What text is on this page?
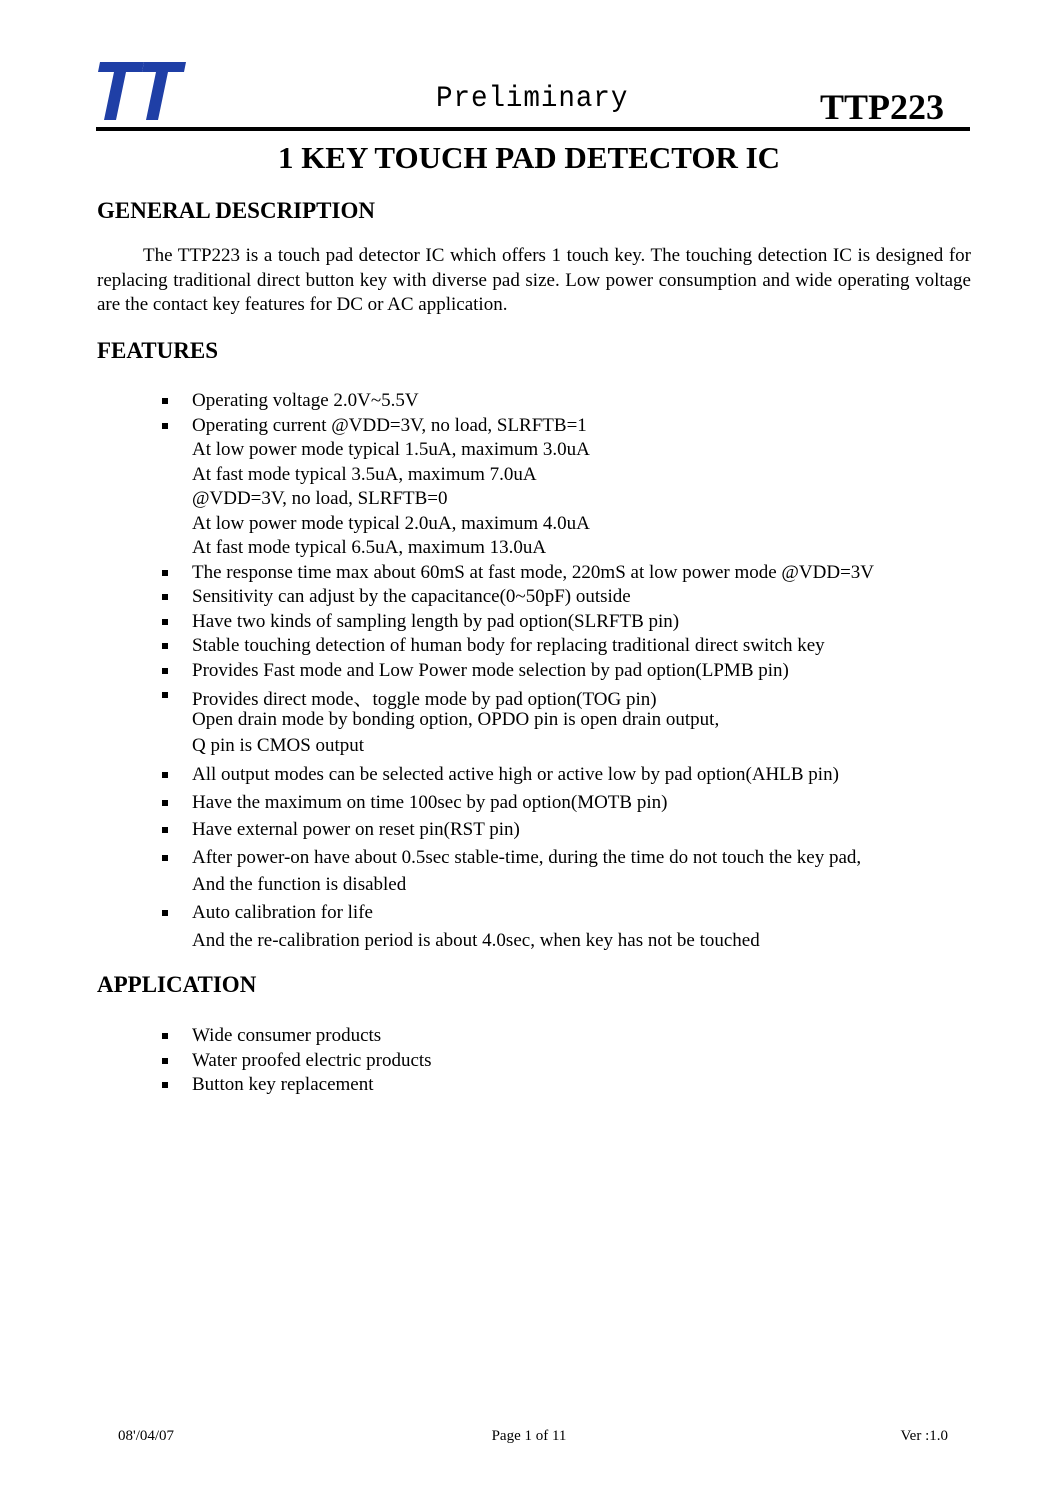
Preliminary	TTP223
1 KEY TOUCH PAD DETECTOR IC
GENERAL DESCRIPTION

The TTP223 is a touch pad detector IC which offers 1 touch key. The touching detection IC is designed for replacing traditional direct button key with diverse pad size. Low power consumption and wide operating voltage are the contact key features for DC or AC application.

FEATURES
Operating voltage 2.0V~5.5V
Operating current @VDD=3V, no load, SLRFTB=1
At low power mode typical 1.5uA, maximum 3.0uA
At fast mode typical 3.5uA, maximum 7.0uA
@VDD=3V, no load, SLRFTB=0
At low power mode typical 2.0uA, maximum 4.0uA
At fast mode typical 6.5uA, maximum 13.0uA
The response time max about 60mS at fast mode, 220mS at low power mode @VDD=3V
Sensitivity can adjust by the capacitance(0~50pF) outside
Have two kinds of sampling length by pad option(SLRFTB pin)
Stable touching detection of human body for replacing traditional direct switch key
Provides Fast mode and Low Power mode selection by pad option(LPMB pin)
Provides direct mode、toggle mode by pad option(TOG pin)
Open drain mode by bonding option, OPDO pin is open drain output,
Q pin is CMOS output
All output modes can be selected active high or active low by pad option(AHLB pin)
Have the maximum on time 100sec by pad option(MOTB pin)
Have external power on reset pin(RST pin)
After power-on have about 0.5sec stable-time, during the time do not touch the key pad,
And the function is disabled
Auto calibration for life
And the re-calibration period is about 4.0sec, when key has not be touched
APPLICATION
Wide consumer products
Water proofed electric products
Button key replacement
08'/04/07	Page 1 of 11	Ver :1.0
